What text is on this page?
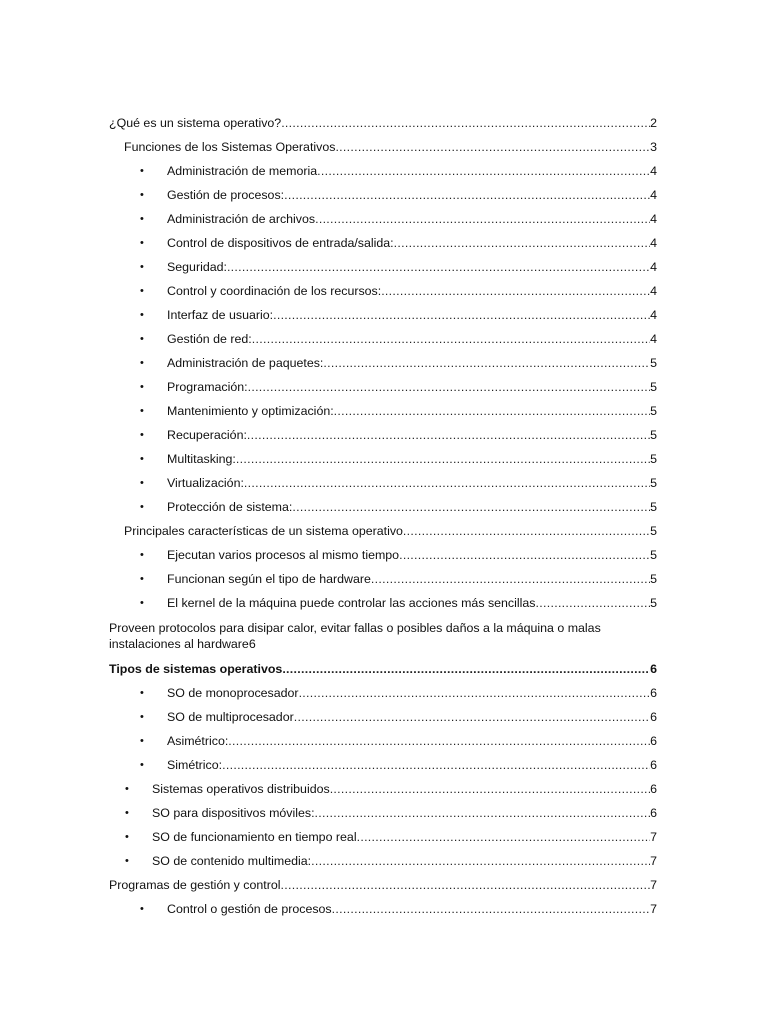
¿Qué es un sistema operativo? .....	2
Funciones de los Sistemas Operativos .....	3
• Administración de memoria .....	4
• Gestión de procesos: .....	4
• Administración de archivos .....	4
• Control de dispositivos de entrada/salida: .....	4
• Seguridad: .....	4
• Control y coordinación de los recursos: .....	4
• Interfaz de usuario: .....	4
• Gestión de red: .....	4
• Administración de paquetes: .....	5
• Programación: .....	5
• Mantenimiento y optimización: .....	5
• Recuperación: .....	5
• Multitasking: .....	5
• Virtualización: .....	5
• Protección de sistema: .....	5
Principales características de un sistema operativo .....	5
• Ejecutan varios procesos al mismo tiempo .....	5
• Funcionan según el tipo de hardware .....	5
• El kernel de la máquina puede controlar las acciones más sencillas .....	5
Proveen protocolos para disipar calor, evitar fallas o posibles daños a la máquina o malas
instalaciones al hardware 6
Tipos de sistemas operativos .....	6
• SO de monoprocesador .....	6
• SO de multiprocesador .....	6
• Asimétrico: .....	6
• Simétrico: .....	6
• Sistemas operativos distribuidos .....	6
• SO para dispositivos móviles: .....	6
• SO de funcionamiento en tiempo real .....	7
• SO de contenido multimedia: .....	7
Programas de gestión y control .....	7
• Control o gestión de procesos .....	7
